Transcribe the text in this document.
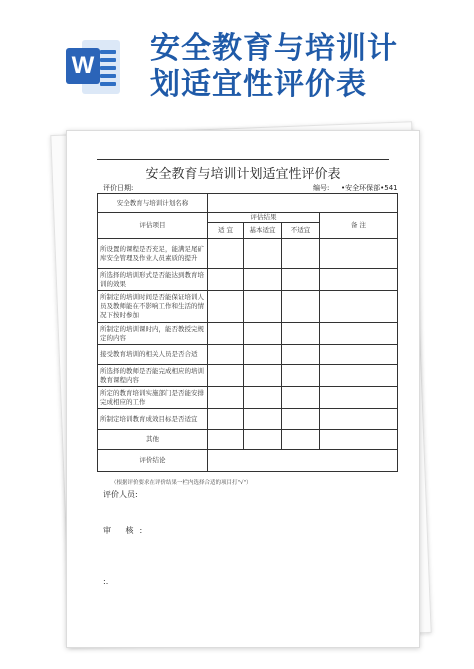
W 安全教育与培训计
划适宜性评价表
安全教育与培训计划适宜性评价表
评价日期:	编号: •安全环保部•541
安全教育与培训计划名称				
评估项目	评估结果			备 注
	适 宜	基本适宜	不适宜	
所设置的课程是否充足，能满足尾矿库安全管理及作业人员素质的提升				
所选择的培训形式是否能达到教育培训的效果				
所制定的培训时间是否能保证培训人员及教师能在不影响工作和生活的情况下按时参加				
所制定的培训课时内，能否教授完规定的内容				
接受教育培训的相关人员是否合适				
所选择的教师是否能完成相应的培训教育课程内容				
所定的教育培训实施部门是否能安排完成相应的工作				
所制定培训教育成效目标是否适宜				
其他				
评价结论				
（根据评价要求在评价结果一栏内选择合适的项目打"√"）
评价人员:
审 核:
:.
